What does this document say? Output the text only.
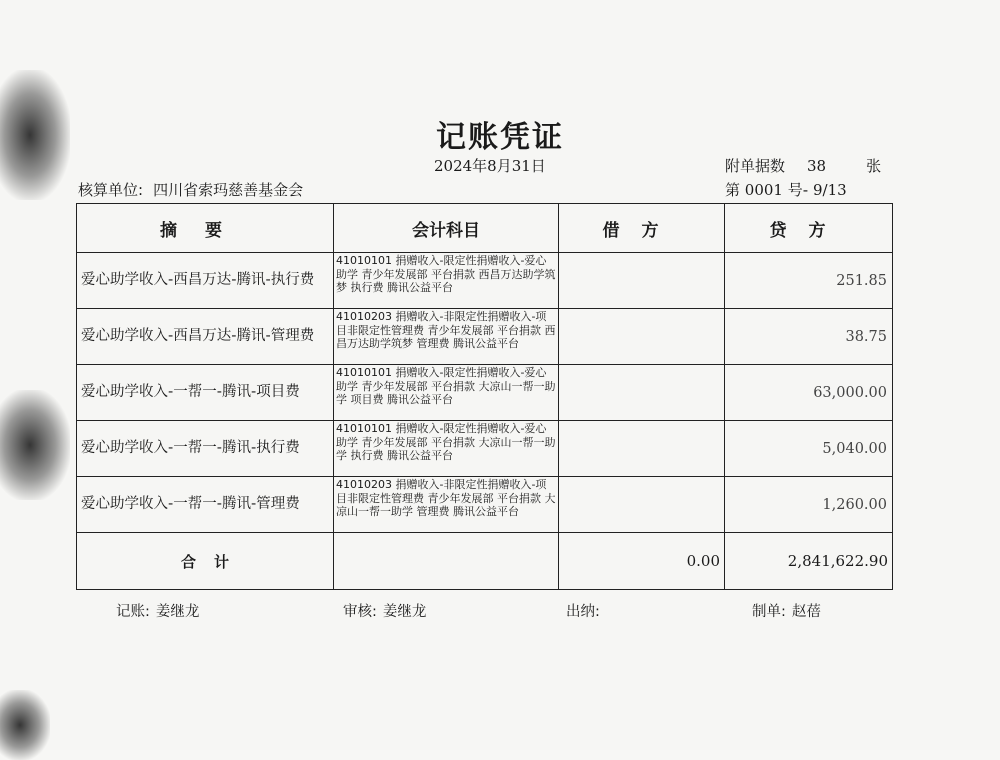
记账凭证
2024年8月31日	附单据数 38	张
核算单位: 四川省索玛慈善基金会	第 0001 号- 9/13
摘要	会计科目	借方	贷方
爱心助学收入-西昌万达-腾讯-执行费	41010101 捐赠收入-限定性捐赠收入-爱心助学 青少年发展部 平台捐款 西昌万达助学筑梦 执行费 腾讯公益平台		251.85
爱心助学收入-西昌万达-腾讯-管理费	41010203 捐赠收入-非限定性捐赠收入-项目非限定性管理费 青少年发展部 平台捐款 西昌万达助学筑梦 管理费 腾讯公益平台		38.75
爱心助学收入-一帮一-腾讯-项目费	41010101 捐赠收入-限定性捐赠收入-爱心助学 青少年发展部 平台捐款 大凉山一帮一助学 项目费 腾讯公益平台		63,000.00
爱心助学收入-一帮一-腾讯-执行费	41010101 捐赠收入-限定性捐赠收入-爱心助学 青少年发展部 平台捐款 大凉山一帮一助学 执行费 腾讯公益平台		5,040.00
爱心助学收入-一帮一-腾讯-管理费	41010203 捐赠收入-非限定性捐赠收入-项目非限定性管理费 青少年发展部 平台捐款 大凉山一帮一助学 管理费 腾讯公益平台		1,260.00
合计		0.00	2,841,622.90
记账: 姜继龙	审核: 姜继龙	出纳:	制单: 赵蓓
